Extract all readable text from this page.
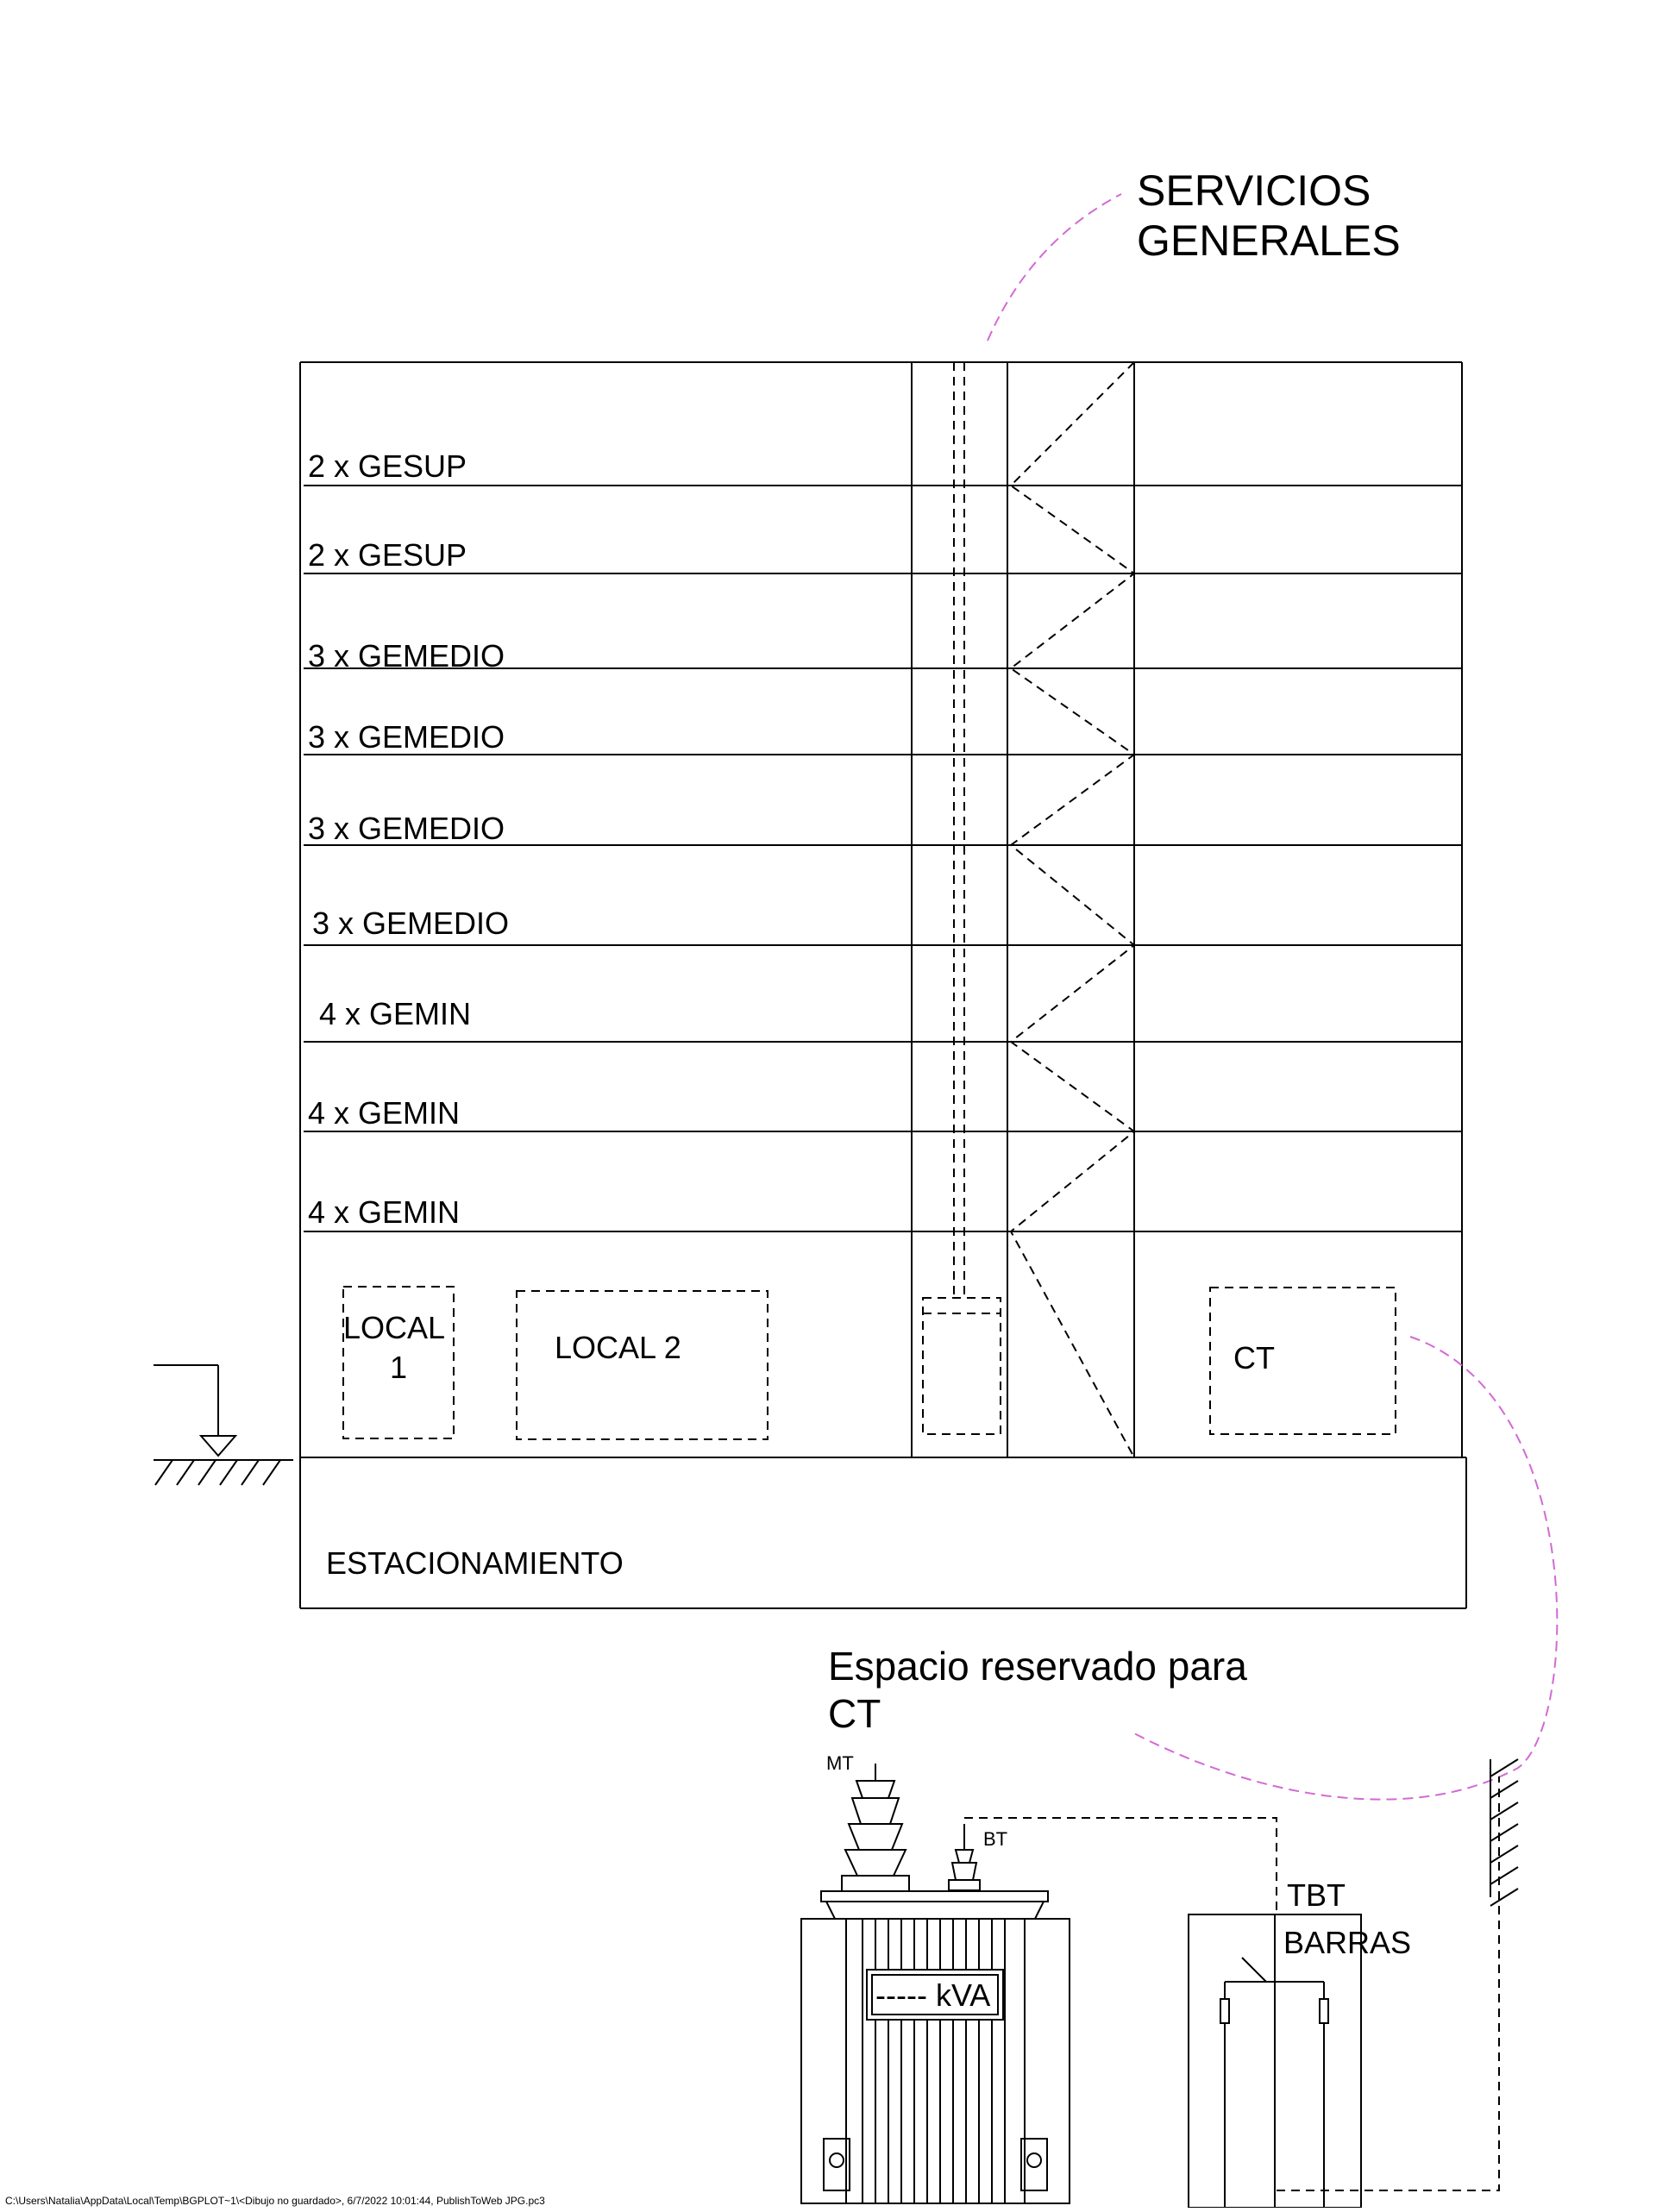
SERVICIOS
GENERALES
2 x GESUP
2 x GESUP
3 x GEMEDIO
3 x GEMEDIO
3 x GEMEDIO
3 x GEMEDIO
4 x GEMIN
4 x GEMIN
4 x GEMIN
LOCAL
1
LOCAL 2	CT
ESTACIONAMIENTO
Espacio reservado para
CT
MT
BT
----- kVA
TBT
BARRAS
C:\Users\Natalia\AppData\Local\Temp\BGPLOT~1\<Dibujo no guardado>, 6/7/2022 10:01:44, PublishToWeb JPG.pc3
